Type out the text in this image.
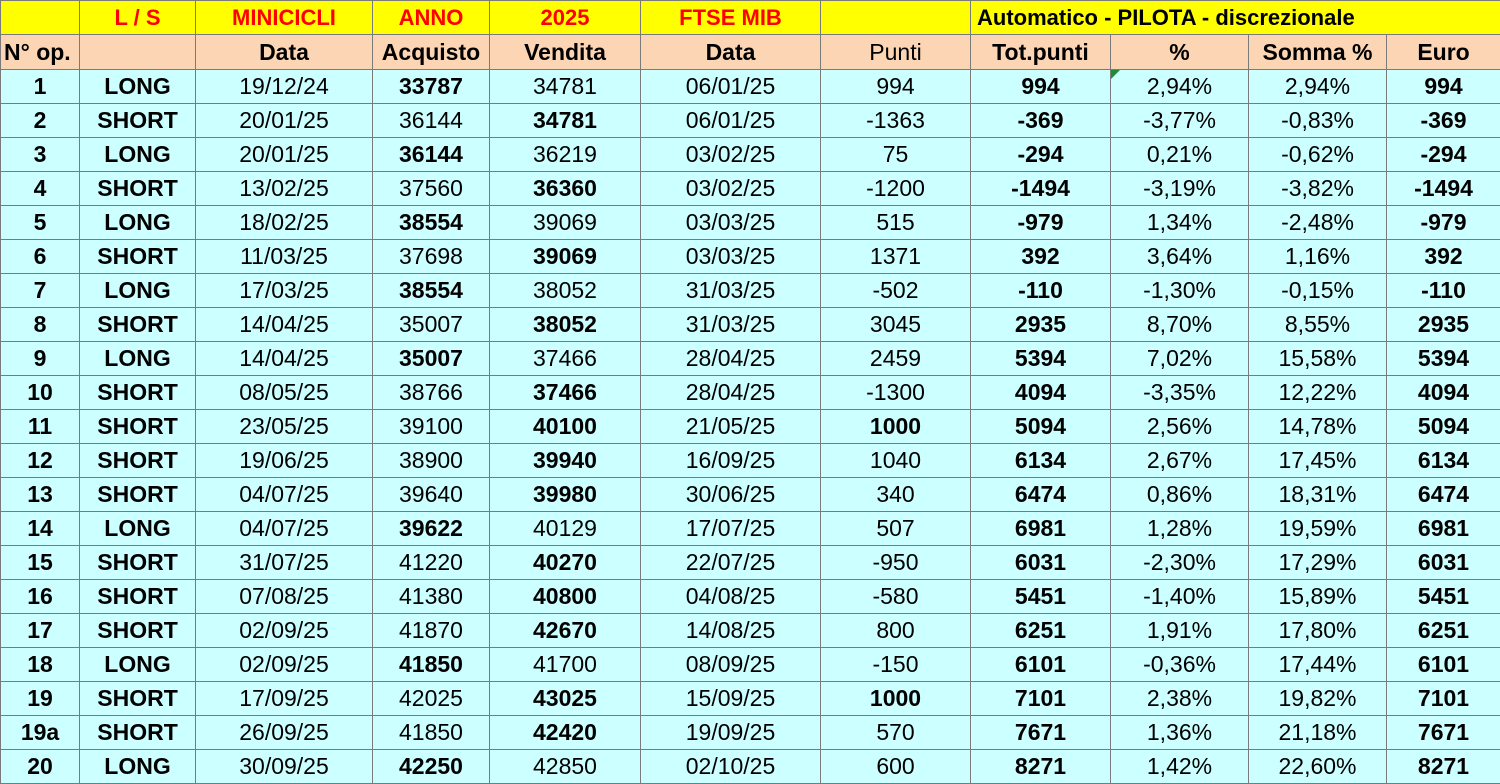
	L / S	MINICICLI	ANNO	2025	FTSE MIB		Automatico - PILOTA - discrezionale			
N° op.		Data	Acquisto	Vendita	Data	Punti	Tot.punti	%	Somma %	Euro
1	LONG	19/12/24	33787	34781	06/01/25	994	994	2,94%	2,94%	994
2	SHORT	20/01/25	36144	34781	06/01/25	-1363	-369	-3,77%	-0,83%	-369
3	LONG	20/01/25	36144	36219	03/02/25	75	-294	0,21%	-0,62%	-294
4	SHORT	13/02/25	37560	36360	03/02/25	-1200	-1494	-3,19%	-3,82%	-1494
5	LONG	18/02/25	38554	39069	03/03/25	515	-979	1,34%	-2,48%	-979
6	SHORT	11/03/25	37698	39069	03/03/25	1371	392	3,64%	1,16%	392
7	LONG	17/03/25	38554	38052	31/03/25	-502	-110	-1,30%	-0,15%	-110
8	SHORT	14/04/25	35007	38052	31/03/25	3045	2935	8,70%	8,55%	2935
9	LONG	14/04/25	35007	37466	28/04/25	2459	5394	7,02%	15,58%	5394
10	SHORT	08/05/25	38766	37466	28/04/25	-1300	4094	-3,35%	12,22%	4094
11	SHORT	23/05/25	39100	40100	21/05/25	1000	5094	2,56%	14,78%	5094
12	SHORT	19/06/25	38900	39940	16/09/25	1040	6134	2,67%	17,45%	6134
13	SHORT	04/07/25	39640	39980	30/06/25	340	6474	0,86%	18,31%	6474
14	LONG	04/07/25	39622	40129	17/07/25	507	6981	1,28%	19,59%	6981
15	SHORT	31/07/25	41220	40270	22/07/25	-950	6031	-2,30%	17,29%	6031
16	SHORT	07/08/25	41380	40800	04/08/25	-580	5451	-1,40%	15,89%	5451
17	SHORT	02/09/25	41870	42670	14/08/25	800	6251	1,91%	17,80%	6251
18	LONG	02/09/25	41850	41700	08/09/25	-150	6101	-0,36%	17,44%	6101
19	SHORT	17/09/25	42025	43025	15/09/25	1000	7101	2,38%	19,82%	7101
19a	SHORT	26/09/25	41850	42420	19/09/25	570	7671	1,36%	21,18%	7671
20	LONG	30/09/25	42250	42850	02/10/25	600	8271	1,42%	22,60%	8271
